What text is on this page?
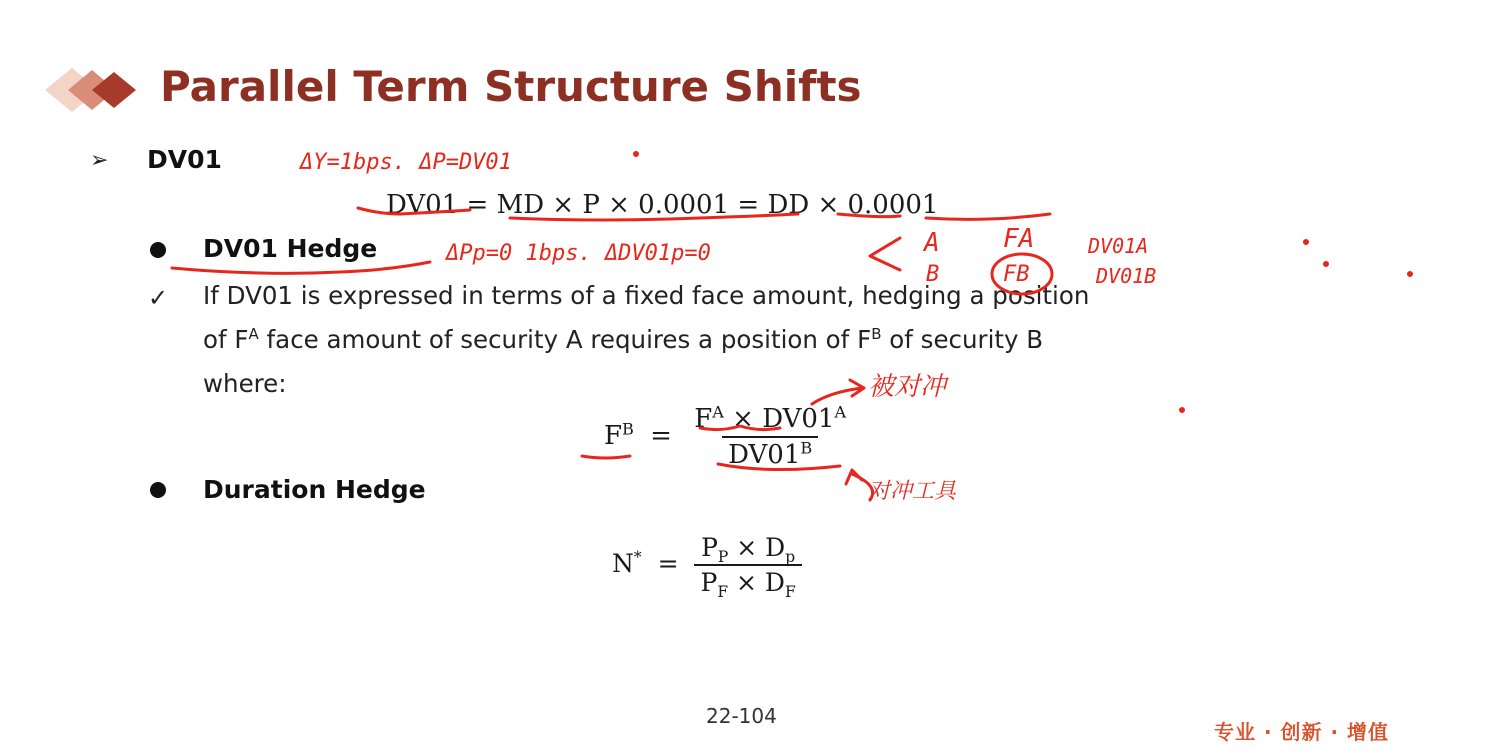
Parallel Term Structure Shifts
➢ DV01
DV01 = MD × P × 0.0001 = DD × 0.0001
DV01 Hedge
✓ If DV01 is expressed in terms of a fixed face amount, hedging a position
of $F^A$ face amount of security A requires a position of $F^B$ of security B
where:
$F^B = \frac{F^A \times DV01^A}{DV01^B}$
Duration Hedge
$N^* = \frac{P_P \times D_p}{P_F \times D_F}$
22-104
专业 · 创新 · 增值
ΔY=1bps. ΔP=DV01
ΔPp=0 1bps. ΔDV01p=0	A
B
FA
FB
DV01A
DV01B
被对冲
对冲工具
